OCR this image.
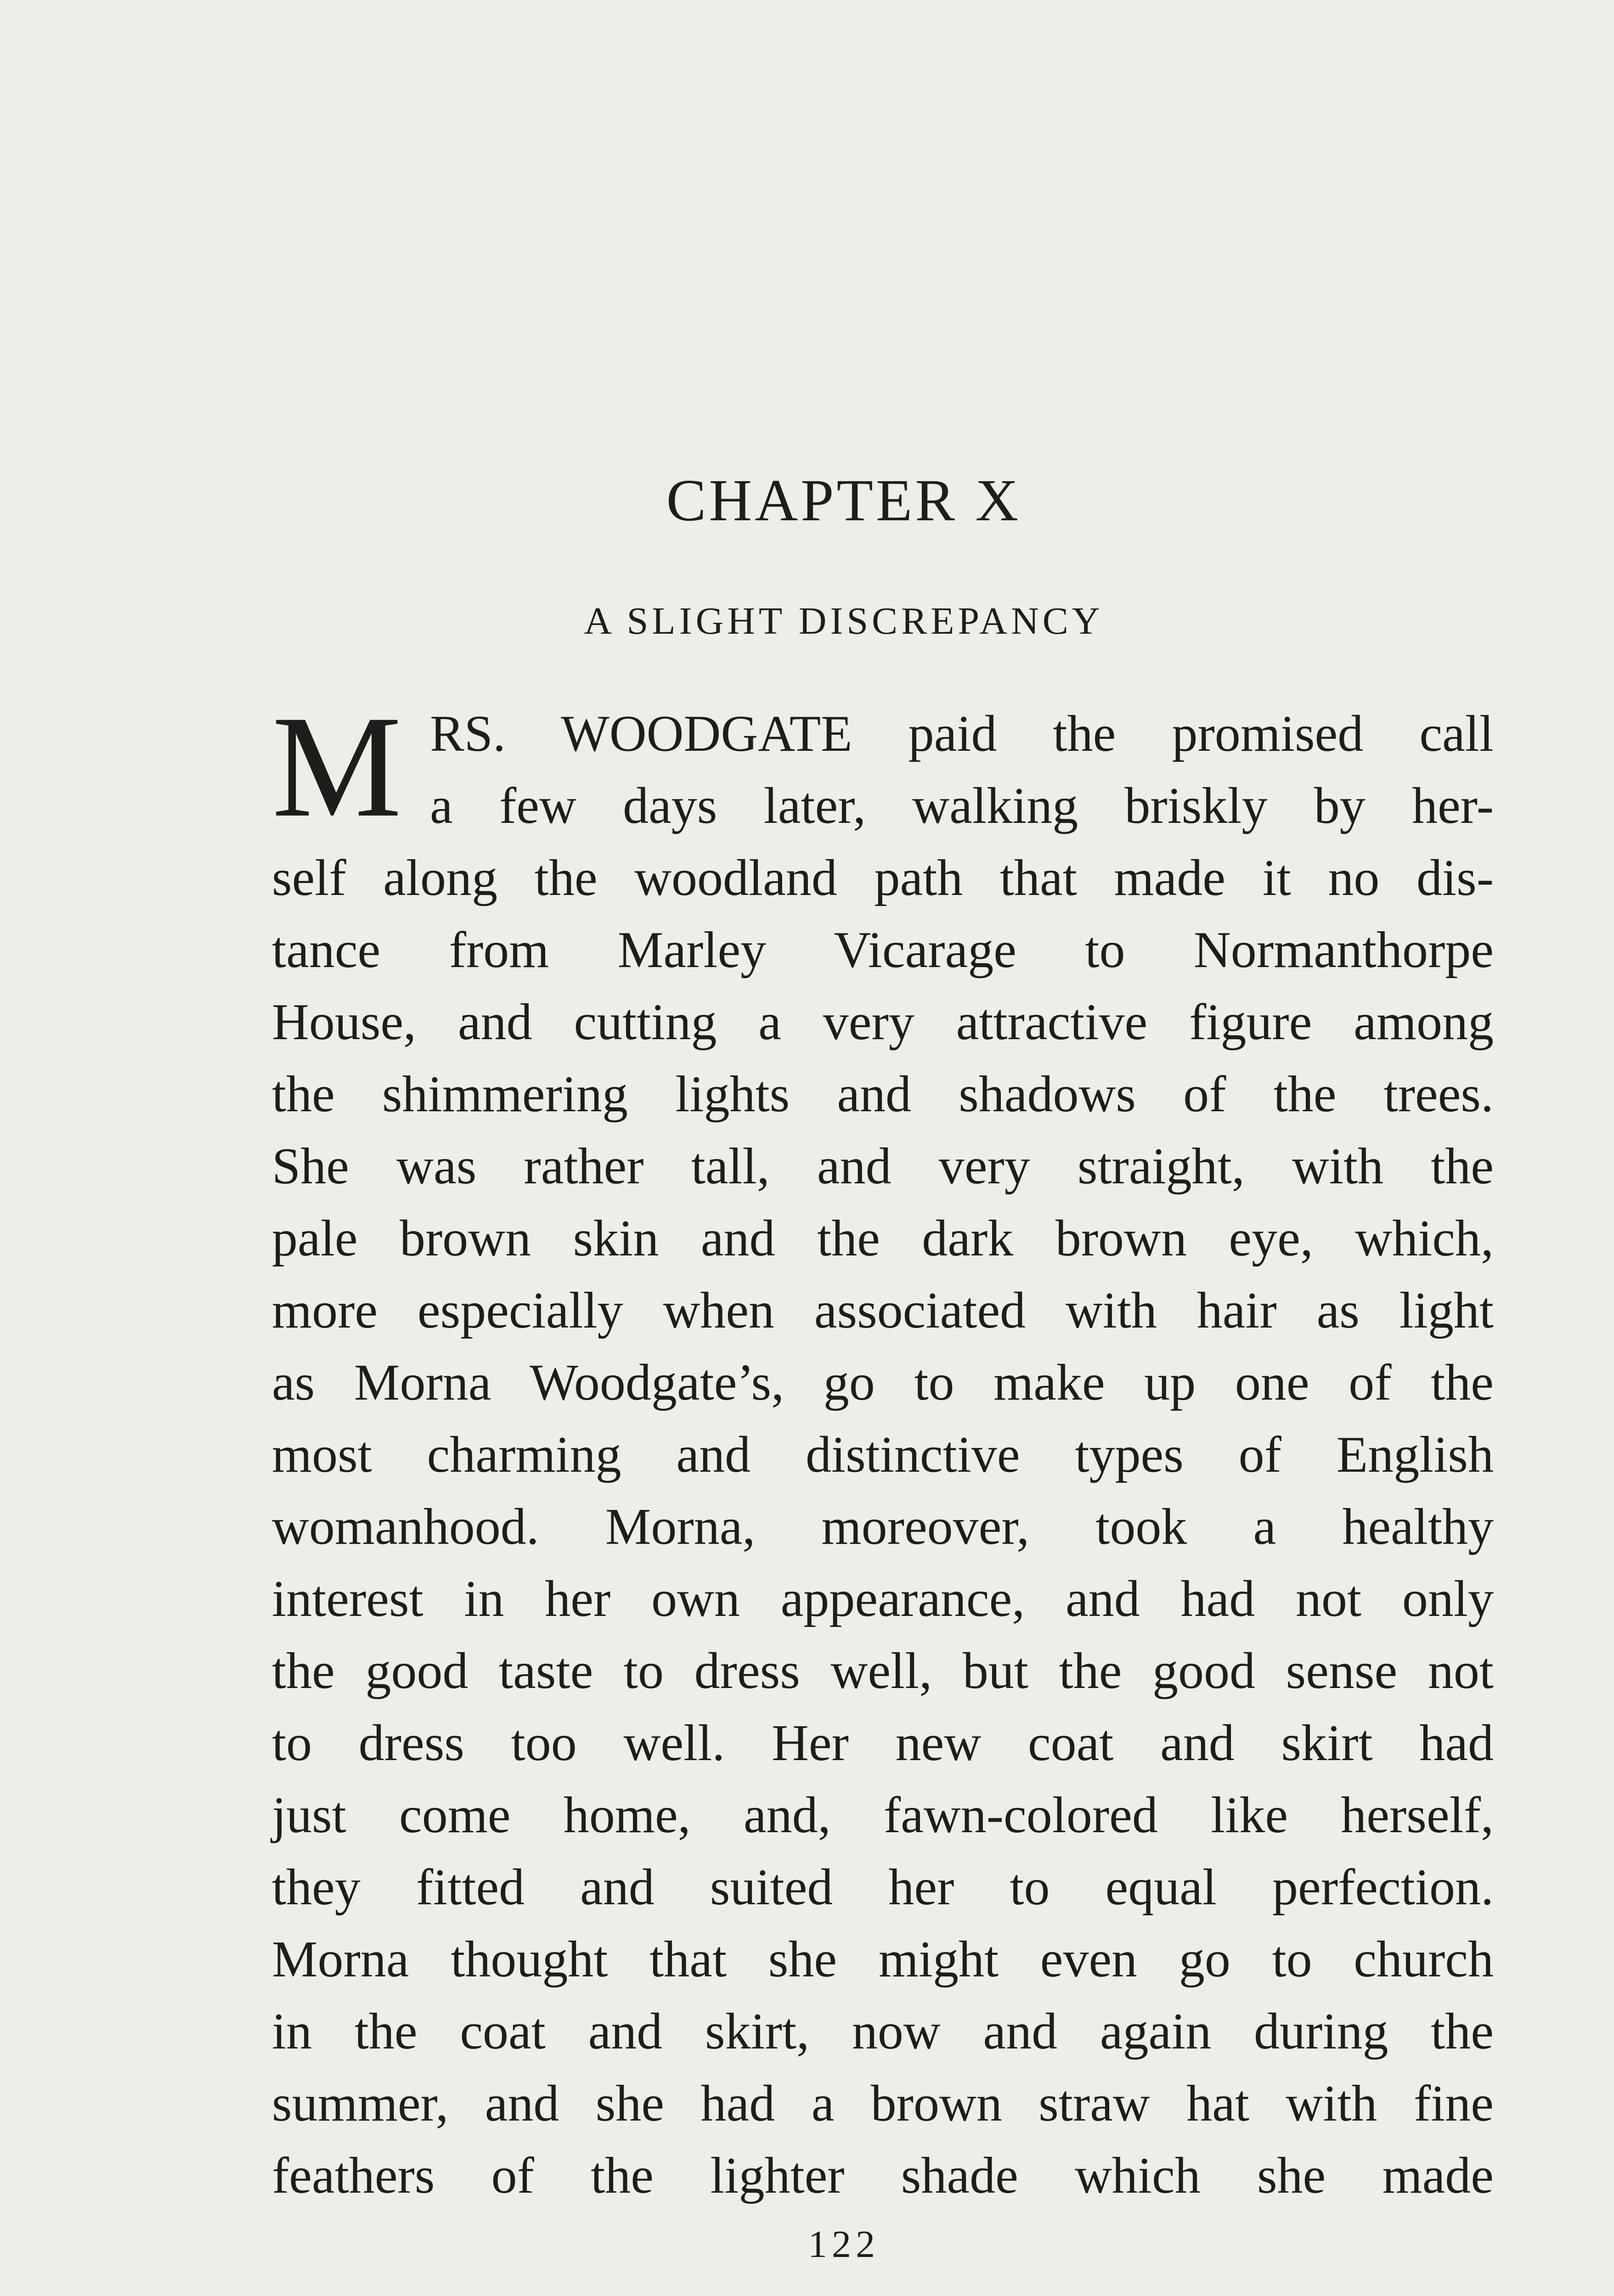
CHAPTER X
A SLIGHT DISCREPANCY
M RS. WOODGATE paid the promised call
a few days later, walking briskly by her-
self along the woodland path that made it no dis-
tance from Marley Vicarage to Normanthorpe
House, and cutting a very attractive figure among
the shimmering lights and shadows of the trees.
She was rather tall, and very straight, with the
pale brown skin and the dark brown eye, which,
more especially when associated with hair as light
as Morna Woodgate’s, go to make up one of the
most charming and distinctive types of English
womanhood. Morna, moreover, took a healthy
interest in her own appearance, and had not only
the good taste to dress well, but the good sense not
to dress too well. Her new coat and skirt had
just come home, and, fawn-colored like herself,
they fitted and suited her to equal perfection.
Morna thought that she might even go to church
in the coat and skirt, now and again during the
summer, and she had a brown straw hat with fine
feathers of the lighter shade which she made
122
